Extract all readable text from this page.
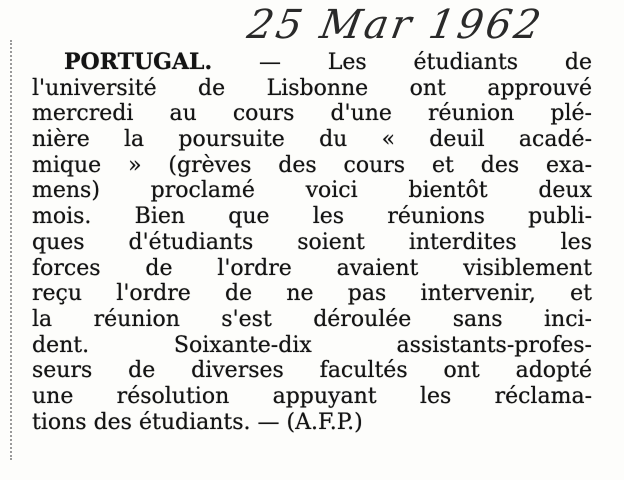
25 Mar 1962
PORTUGAL. — Les étudiants de
l'université de Lisbonne ont approuvé
mercredi au cours d'une réunion plé-
nière la poursuite du « deuil acadé-
mique » (grèves des cours et des exa-
mens) proclamé voici bientôt deux
mois. Bien que les réunions publi-
ques d'étudiants soient interdites les
forces de l'ordre avaient visiblement
reçu l'ordre de ne pas intervenir, et
la réunion s'est déroulée sans inci-
dent. Soixante-dix assistants-profes-
seurs de diverses facultés ont adopté
une résolution appuyant les réclama-
tions des étudiants. — (A.F.P.)
